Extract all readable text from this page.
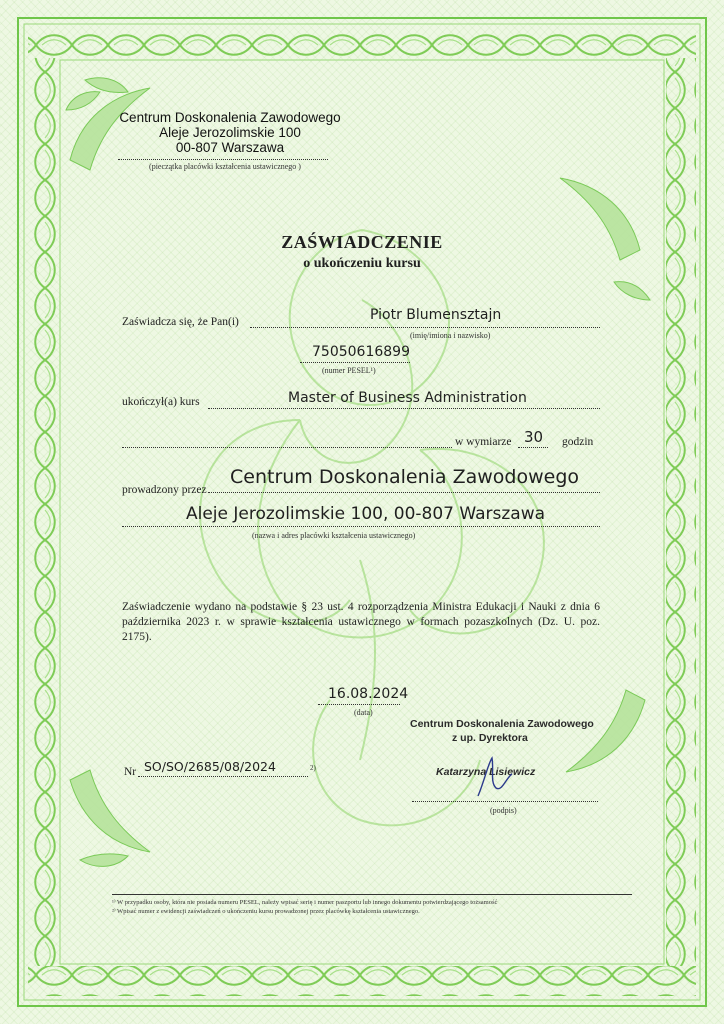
Centrum Doskonalenia Zawodowego
Aleje Jerozolimskie 100
00-807 Warszawa
(pieczątka placówki kształcenia ustawicznego )
ZAŚWIADCZENIE
o ukończeniu kursu
Zaświadcza się, że Pan(i)	Piotr Blumensztajn
(imię/imiona i nazwisko)
75050616899
(numer PESEL¹)
ukończył(a) kurs	Master of Business Administration
w wymiarze 30 godzin
prowadzony przez
Centrum Doskonalenia Zawodowego
Aleje Jerozolimskie 100, 00-807 Warszawa
(nazwa i adres placówki kształcenia ustawicznego)
Zaświadczenie wydano na podstawie § 23 ust. 4 rozporządzenia Ministra Edukacji i Nauki z dnia 6 października 2023 r. w sprawie kształcenia ustawicznego w formach pozaszkolnych (Dz. U. poz. 2175).
16.08.2024
(data)
Centrum Doskonalenia Zawodowego
z up. Dyrektora
Katarzyna Lisiewicz
(podpis)
Nr SO/SO/2685/08/2024	2)
¹⁾ W przypadku osoby, która nie posiada numeru PESEL, należy wpisać serię i numer paszportu lub innego dokumentu potwierdzającego tożsamość
²⁾ Wpisać numer z ewidencji zaświadczeń o ukończeniu kursu prowadzonej przez placówkę kształcenia ustawicznego.
